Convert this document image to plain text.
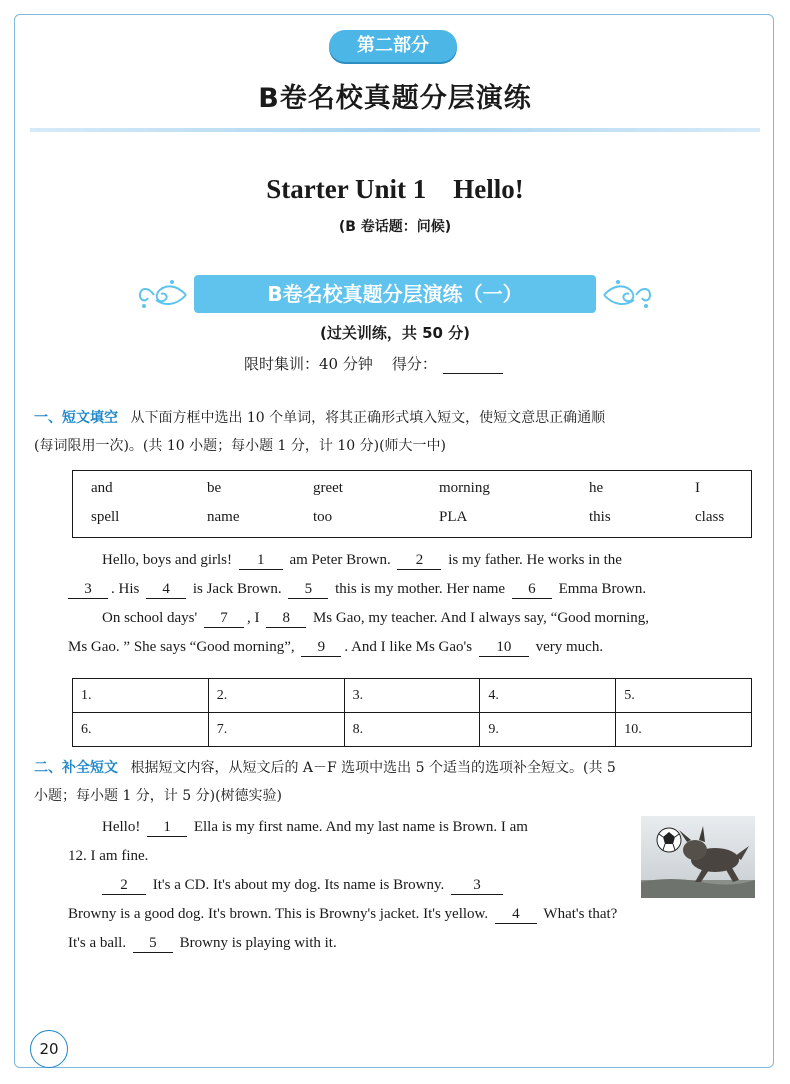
第二部分
B卷名校真题分层演练
Starter Unit 1    Hello!
(B 卷话题：问候)
B卷名校真题分层演练（一）
(过关训练，共 50 分)
限时集训：40 分钟    得分：
一、短文填空 从下面方框中选出 10 个单词，将其正确形式填入短文，使短文意思正确通顺
(每词限用一次)。(共 10 小题；每小题 1 分，计 10 分)(师大一中)
and	be	greet	morning	he	I
spell	name	too	PLA	this	class
Hello, boys and girls! 1 am Peter Brown. 2 is my father. He works in the
3 . His 4 is Jack Brown. 5 this is my mother. Her name 6 Emma Brown.
On school days' 7 , I 8 Ms Gao, my teacher. And I always say, “Good morning,
Ms Gao. ” She says “Good morning”, 9 . And I like Ms Gao's 10 very much.
1.	2.	3.	4.	5.
6.	7.	8.	9.	10.
二、补全短文 根据短文内容，从短文后的 A－F 选项中选出 5 个适当的选项补全短文。(共 5
小题；每小题 1 分，计 5 分)(树德实验)
Hello! 1 Ella is my first name. And my last name is Brown. I am
12. I am fine.
2 It's a CD. It's about my dog. Its name is Browny. 3
Browny is a good dog. It's brown. This is Browny's jacket. It's yellow. 4 What's that?
It's a ball. 5 Browny is playing with it.
20
